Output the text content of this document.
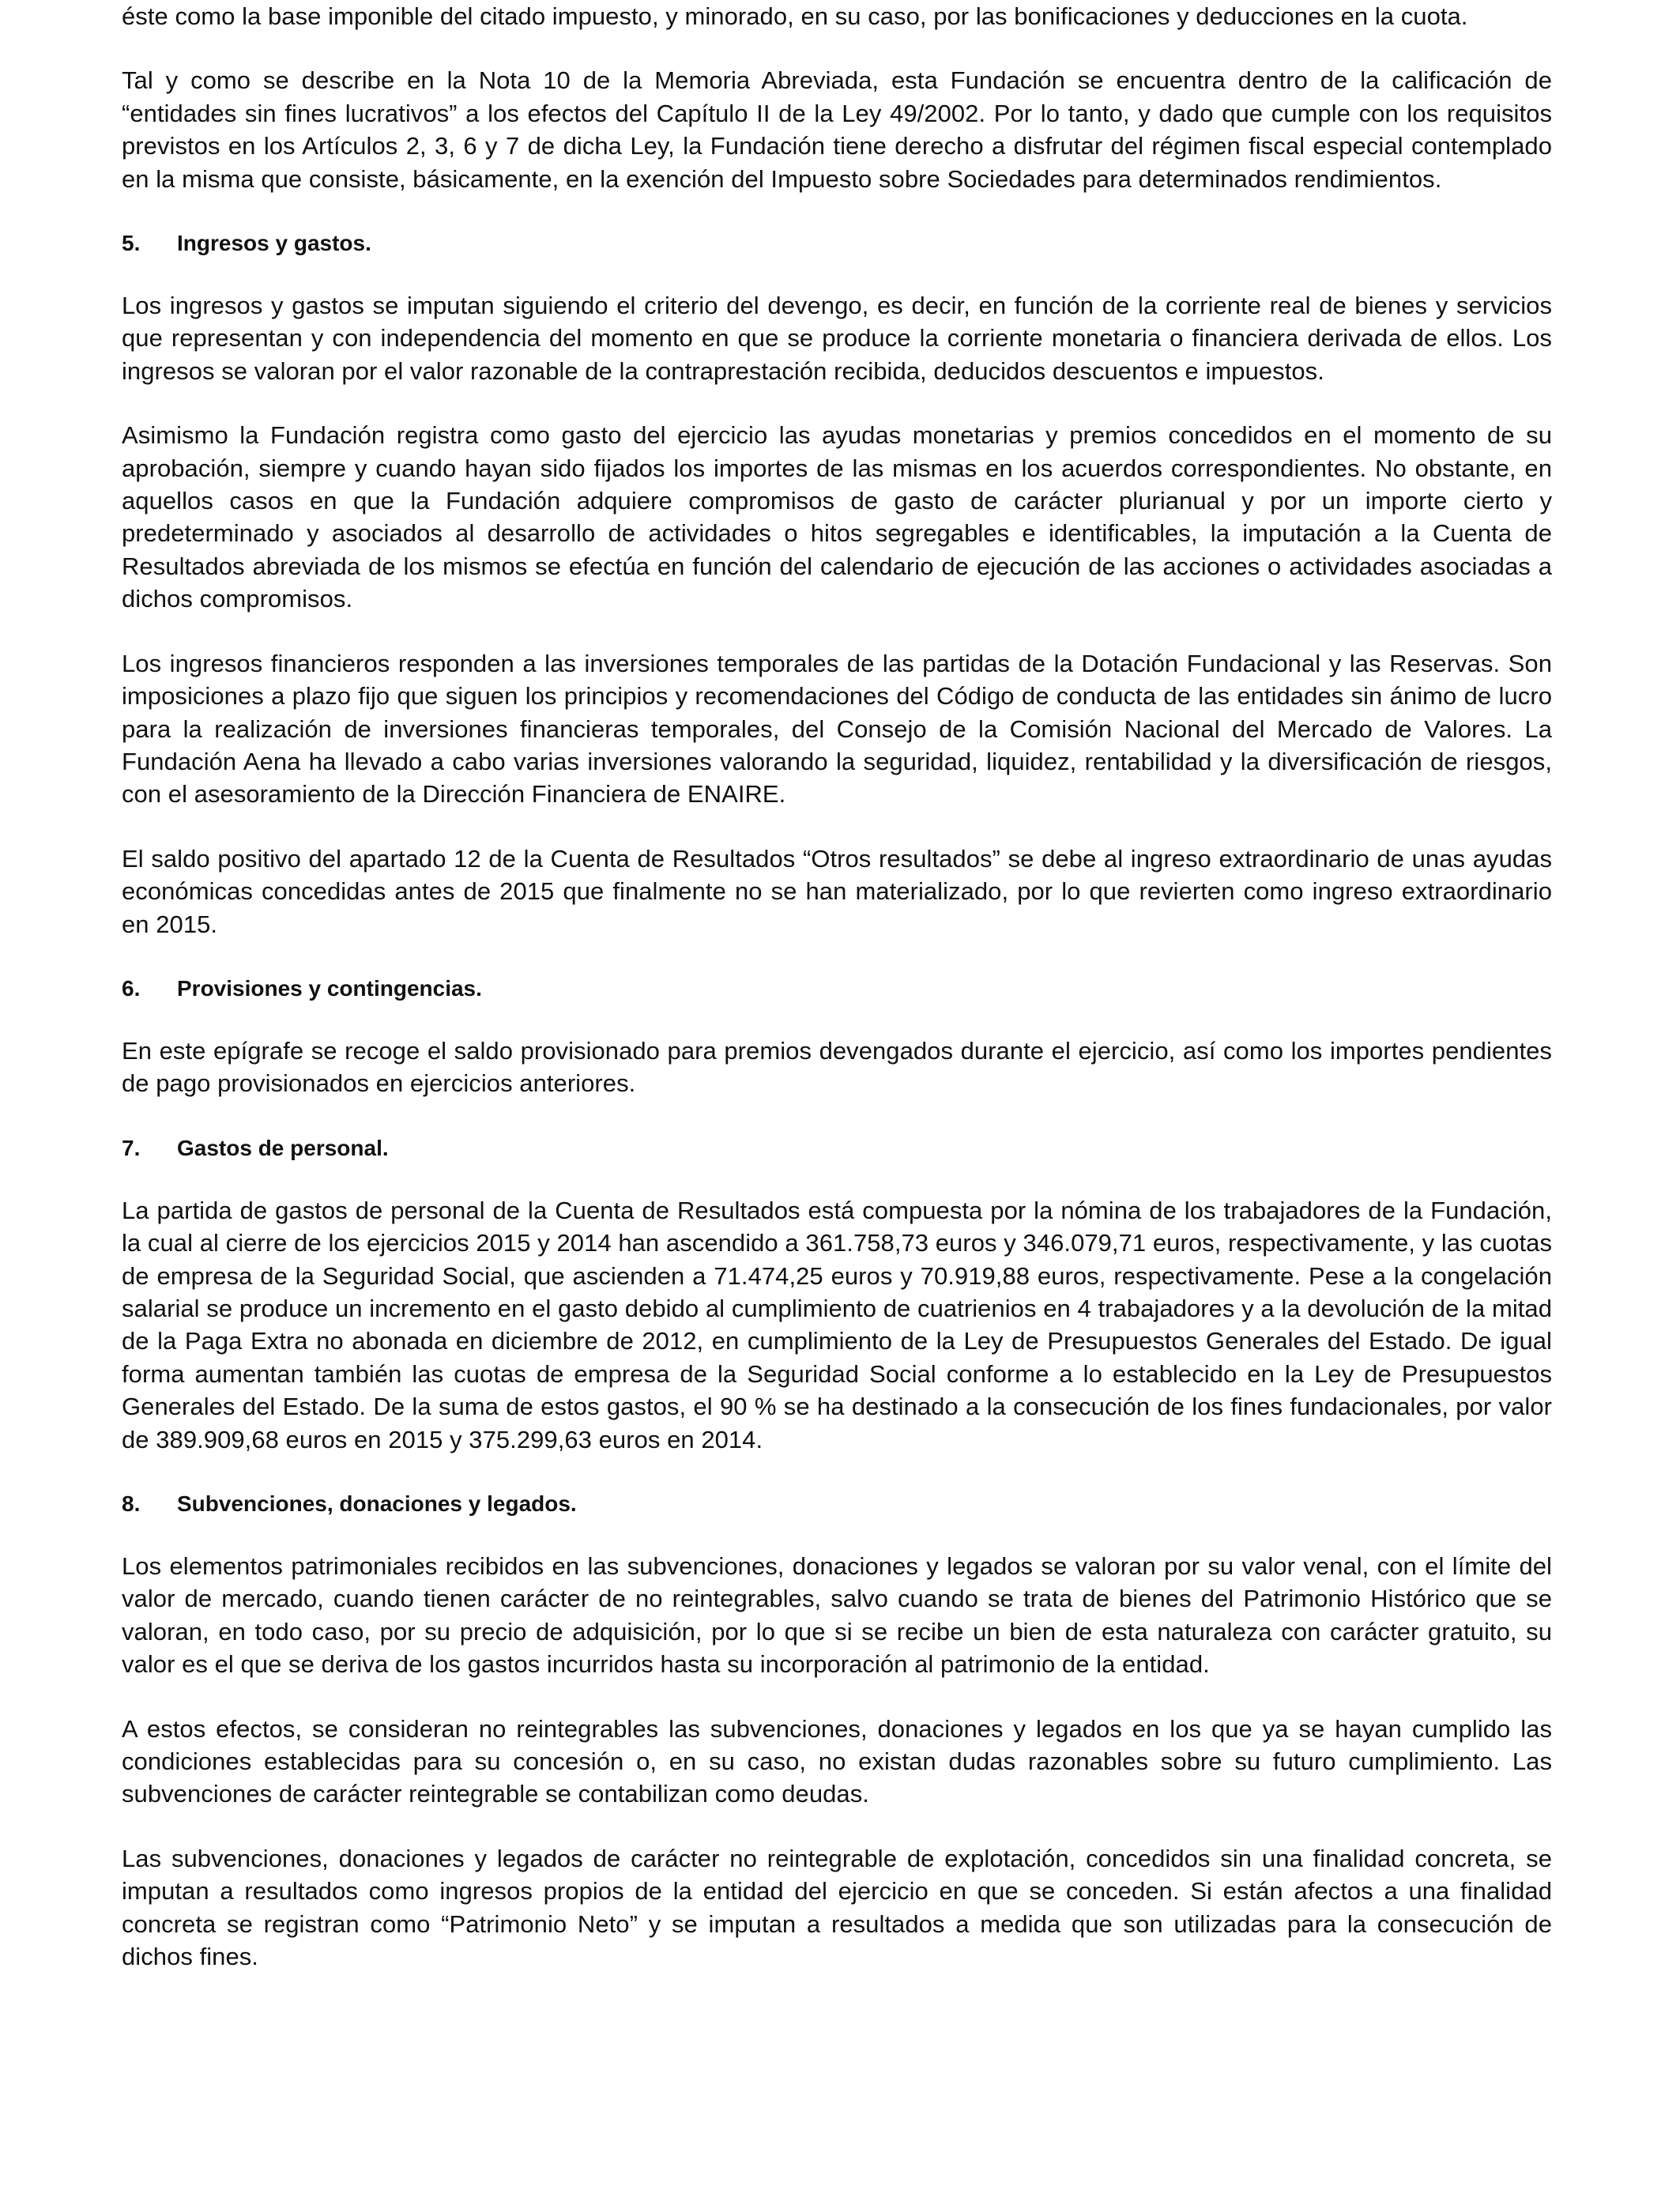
éste como la base imponible del citado impuesto, y minorado, en su caso, por las bonificaciones y deducciones en la cuota.

Tal y como se describe en la Nota 10 de la Memoria Abreviada, esta Fundación se encuentra dentro de la calificación de “entidades sin fines lucrativos” a los efectos del Capítulo II de la Ley 49/2002. Por lo tanto, y dado que cumple con los requisitos previstos en los Artículos 2, 3, 6 y 7 de dicha Ley, la Fundación tiene derecho a disfrutar del régimen fiscal especial contemplado en la misma que consiste, básicamente, en la exención del Impuesto sobre Sociedades para determinados rendimientos.

5.	Ingresos y gastos.

Los ingresos y gastos se imputan siguiendo el criterio del devengo, es decir, en función de la corriente real de bienes y servicios que representan y con independencia del momento en que se produce la corriente monetaria o financiera derivada de ellos. Los ingresos se valoran por el valor razonable de la contraprestación recibida, deducidos descuentos e impuestos.

Asimismo la Fundación registra como gasto del ejercicio las ayudas monetarias y premios concedidos en el momento de su aprobación, siempre y cuando hayan sido fijados los importes de las mismas en los acuerdos correspondientes. No obstante, en aquellos casos en que la Fundación adquiere compromisos de gasto de carácter plurianual y por un importe cierto y predeterminado y asociados al desarrollo de actividades o hitos segregables e identificables, la imputación a la Cuenta de Resultados abreviada de los mismos se efectúa en función del calendario de ejecución de las acciones o actividades asociadas a dichos compromisos.

Los ingresos financieros responden a las inversiones temporales de las partidas de la Dotación Fundacional y las Reservas. Son imposiciones a plazo fijo que siguen los principios y recomendaciones del Código de conducta de las entidades sin ánimo de lucro para la realización de inversiones financieras temporales, del Consejo de la Comisión Nacional del Mercado de Valores. La Fundación Aena ha llevado a cabo varias inversiones valorando la seguridad, liquidez, rentabilidad y la diversificación de riesgos, con el asesoramiento de la Dirección Financiera de ENAIRE.

El saldo positivo del apartado 12 de la Cuenta de Resultados “Otros resultados” se debe al ingreso extraordinario de unas ayudas económicas concedidas antes de 2015 que finalmente no se han materializado, por lo que revierten como ingreso extraordinario en 2015.

6.	Provisiones y contingencias.

En este epígrafe se recoge el saldo provisionado para premios devengados durante el ejercicio, así como los importes pendientes de pago provisionados en ejercicios anteriores.

7.	Gastos de personal.

La partida de gastos de personal de la Cuenta de Resultados está compuesta por la nómina de los trabajadores de la Fundación, la cual al cierre de los ejercicios 2015 y 2014 han ascendido a 361.758,73 euros y 346.079,71 euros, respectivamente, y las cuotas de empresa de la Seguridad Social, que ascienden a 71.474,25 euros y 70.919,88 euros, respectivamente. Pese a la congelación salarial se produce un incremento en el gasto debido al cumplimiento de cuatrienios en 4 trabajadores y a la devolución de la mitad de la Paga Extra no abonada en diciembre de 2012, en cumplimiento de la Ley de Presupuestos Generales del Estado. De igual forma aumentan también las cuotas de empresa de la Seguridad Social conforme a lo establecido en la Ley de Presupuestos Generales del Estado. De la suma de estos gastos, el 90 % se ha destinado a la consecución de los fines fundacionales, por valor de 389.909,68 euros en 2015 y 375.299,63 euros en 2014.

8.	Subvenciones, donaciones y legados.

Los elementos patrimoniales recibidos en las subvenciones, donaciones y legados se valoran por su valor venal, con el límite del valor de mercado, cuando tienen carácter de no reintegrables, salvo cuando se trata de bienes del Patrimonio Histórico que se valoran, en todo caso, por su precio de adquisición, por lo que si se recibe un bien de esta naturaleza con carácter gratuito, su valor es el que se deriva de los gastos incurridos hasta su incorporación al patrimonio de la entidad.

A estos efectos, se consideran no reintegrables las subvenciones, donaciones y legados en los que ya se hayan cumplido las condiciones establecidas para su concesión o, en su caso, no existan dudas razonables sobre su futuro cumplimiento. Las subvenciones de carácter reintegrable se contabilizan como deudas.

Las subvenciones, donaciones y legados de carácter no reintegrable de explotación, concedidos sin una finalidad concreta, se imputan a resultados como ingresos propios de la entidad del ejercicio en que se conceden. Si están afectos a una finalidad concreta se registran como “Patrimonio Neto” y se imputan a resultados a medida que son utilizadas para la consecución de dichos fines.
